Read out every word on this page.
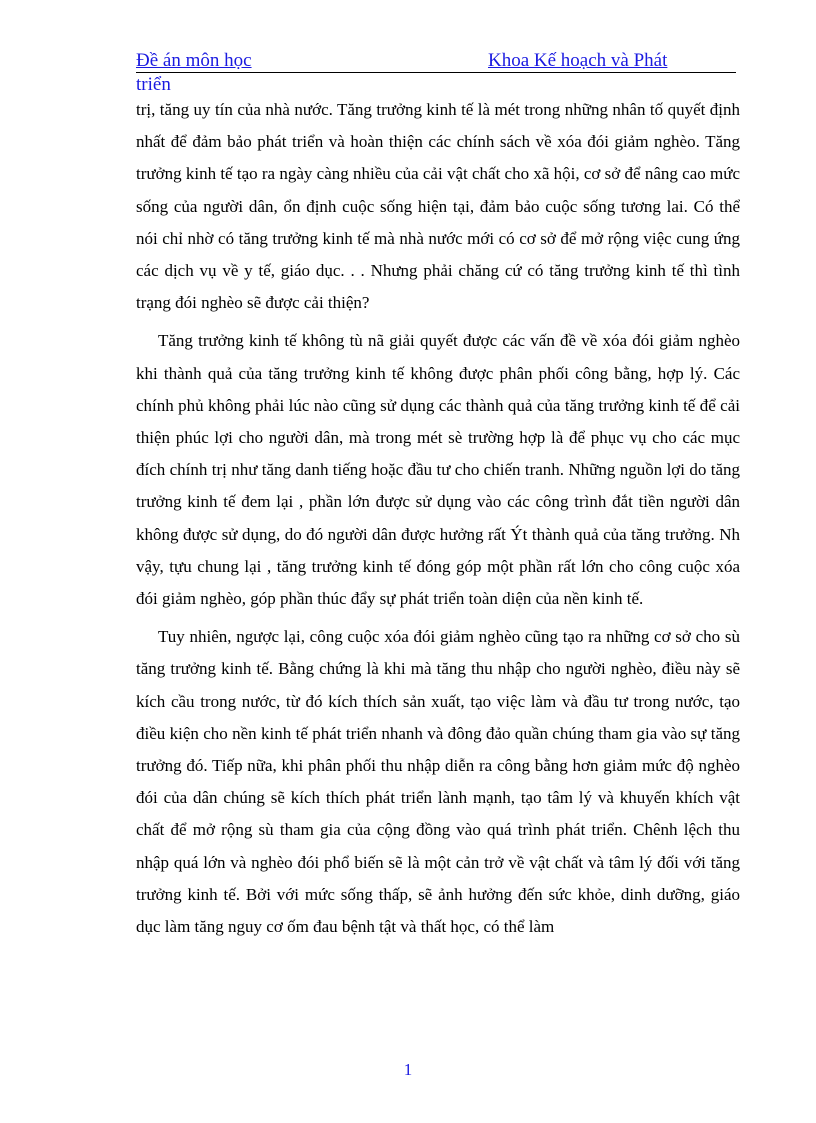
Đề án môn học	Khoa Kế hoạch và Phát
triển

trị, tăng uy tín của nhà nước. Tăng trưởng kinh tế là mét trong những nhân tố quyết định nhất để đảm bảo phát triển và hoàn thiện các chính sách về xóa đói giảm nghèo. Tăng trưởng kinh tế tạo ra ngày càng nhiều của cải vật chất cho xã hội, cơ sở để nâng cao mức sống của người dân, ổn định cuộc sống hiện tại, đảm bảo cuộc sống tương lai. Có thể nói chỉ nhờ có tăng trưởng kinh tế mà nhà nước mới có cơ sở để mở rộng việc cung ứng các dịch vụ về y tế, giáo dục. . . Nhưng phải chăng cứ có tăng trưởng kinh tế thì tình trạng đói nghèo sẽ được cải thiện?

Tăng trưởng kinh tế không tù nã giải quyết được các vấn đề về xóa đói giảm nghèo khi thành quả của tăng trưởng kinh tế không được phân phối công bằng, hợp lý. Các chính phủ không phải lúc nào cũng sử dụng các thành quả của tăng trưởng kinh tế để cải thiện phúc lợi cho người dân, mà trong mét sè trường hợp là để phục vụ cho các mục đích chính trị như tăng danh tiếng hoặc đầu tư cho chiến tranh. Những nguồn lợi do tăng trưởng kinh tế đem lại , phần lớn được sử dụng vào các công trình đắt tiền người dân không được sử dụng, do đó người dân được hưởng rất Ýt thành quả của tăng trưởng. Nh vậy, tựu chung lại , tăng trưởng kinh tế đóng góp một phần rất lớn cho công cuộc xóa đói giảm nghèo, góp phần thúc đẩy sự phát triển toàn diện của nền kinh tế.

Tuy nhiên, ngược lại, công cuộc xóa đói giảm nghèo cũng tạo ra những cơ sở cho sù tăng trưởng kinh tế. Bằng chứng là khi mà tăng thu nhập cho người nghèo, điều này sẽ kích cầu trong nước, từ đó kích thích sản xuất, tạo việc làm và đầu tư trong nước, tạo điều kiện cho nền kinh tế phát triển nhanh và đông đảo quần chúng tham gia vào sự tăng trưởng đó. Tiếp nữa, khi phân phối thu nhập diễn ra công bằng hơn giảm mức độ nghèo đói của dân chúng sẽ kích thích phát triển lành mạnh, tạo tâm lý và khuyến khích vật chất để mở rộng sù tham gia của cộng đồng vào quá trình phát triển. Chênh lệch thu nhập quá lớn và nghèo đói phổ biến sẽ là một cản trở về vật chất và tâm lý đối với tăng trưởng kinh tế. Bởi với mức sống thấp, sẽ ảnh hưởng đến sức khỏe, dinh dưỡng, giáo dục làm tăng nguy cơ ốm đau bệnh tật và thất học, có thể làm

1
